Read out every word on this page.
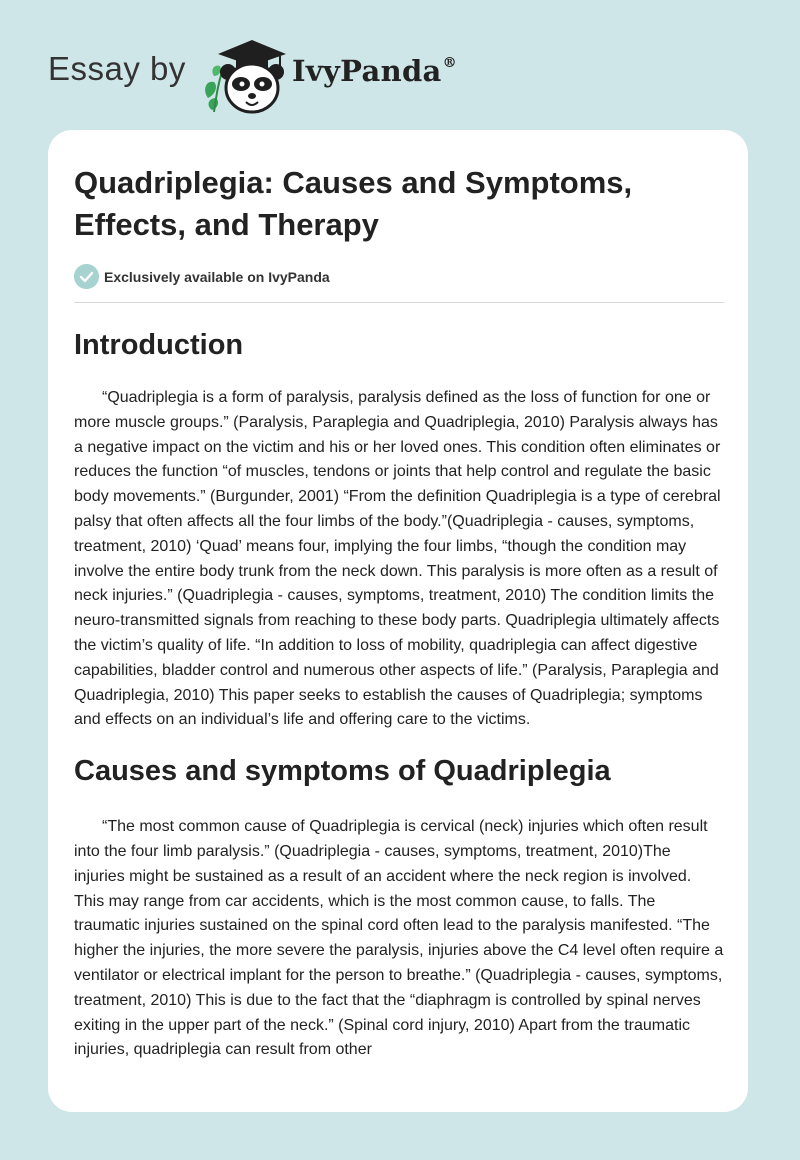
Essay by	IvyPanda®
Quadriplegia: Causes and Symptoms,
Effects, and Therapy
Exclusively available on IvyPanda
Introduction

“Quadriplegia is a form of paralysis, paralysis defined as the loss of function for one or more muscle groups.” (Paralysis, Paraplegia and Quadriplegia, 2010) Paralysis always has a negative impact on the victim and his or her loved ones. This condition often eliminates or reduces the function “of muscles, tendons or joints that help control and regulate the basic body movements.” (Burgunder, 2001) “From the definition Quadriplegia is a type of cerebral palsy that often affects all the four limbs of the body.”(Quadriplegia - causes, symptoms, treatment, 2010) ‘Quad’ means four, implying the four limbs, “though the condition may involve the entire body trunk from the neck down. This paralysis is more often as a result of neck injuries.” (Quadriplegia - causes, symptoms, treatment, 2010) The condition limits the neuro-transmitted signals from reaching to these body parts. Quadriplegia ultimately affects the victim’s quality of life. “In addition to loss of mobility, quadriplegia can affect digestive capabilities, bladder control and numerous other aspects of life.” (Paralysis, Paraplegia and Quadriplegia, 2010) This paper seeks to establish the causes of Quadriplegia; symptoms and effects on an individual’s life and offering care to the victims.

Causes and symptoms of Quadriplegia

“The most common cause of Quadriplegia is cervical (neck) injuries which often result into the four limb paralysis.” (Quadriplegia - causes, symptoms, treatment, 2010)The injuries might be sustained as a result of an accident where the neck region is involved. This may range from car accidents, which is the most common cause, to falls. The traumatic injuries sustained on the spinal cord often lead to the paralysis manifested. “The higher the injuries, the more severe the paralysis, injuries above the C4 level often require a ventilator or electrical implant for the person to breathe.” (Quadriplegia - causes, symptoms, treatment, 2010) This is due to the fact that the “diaphragm is controlled by spinal nerves exiting in the upper part of the neck.” (Spinal cord injury, 2010) Apart from the traumatic injuries, quadriplegia can result from other
